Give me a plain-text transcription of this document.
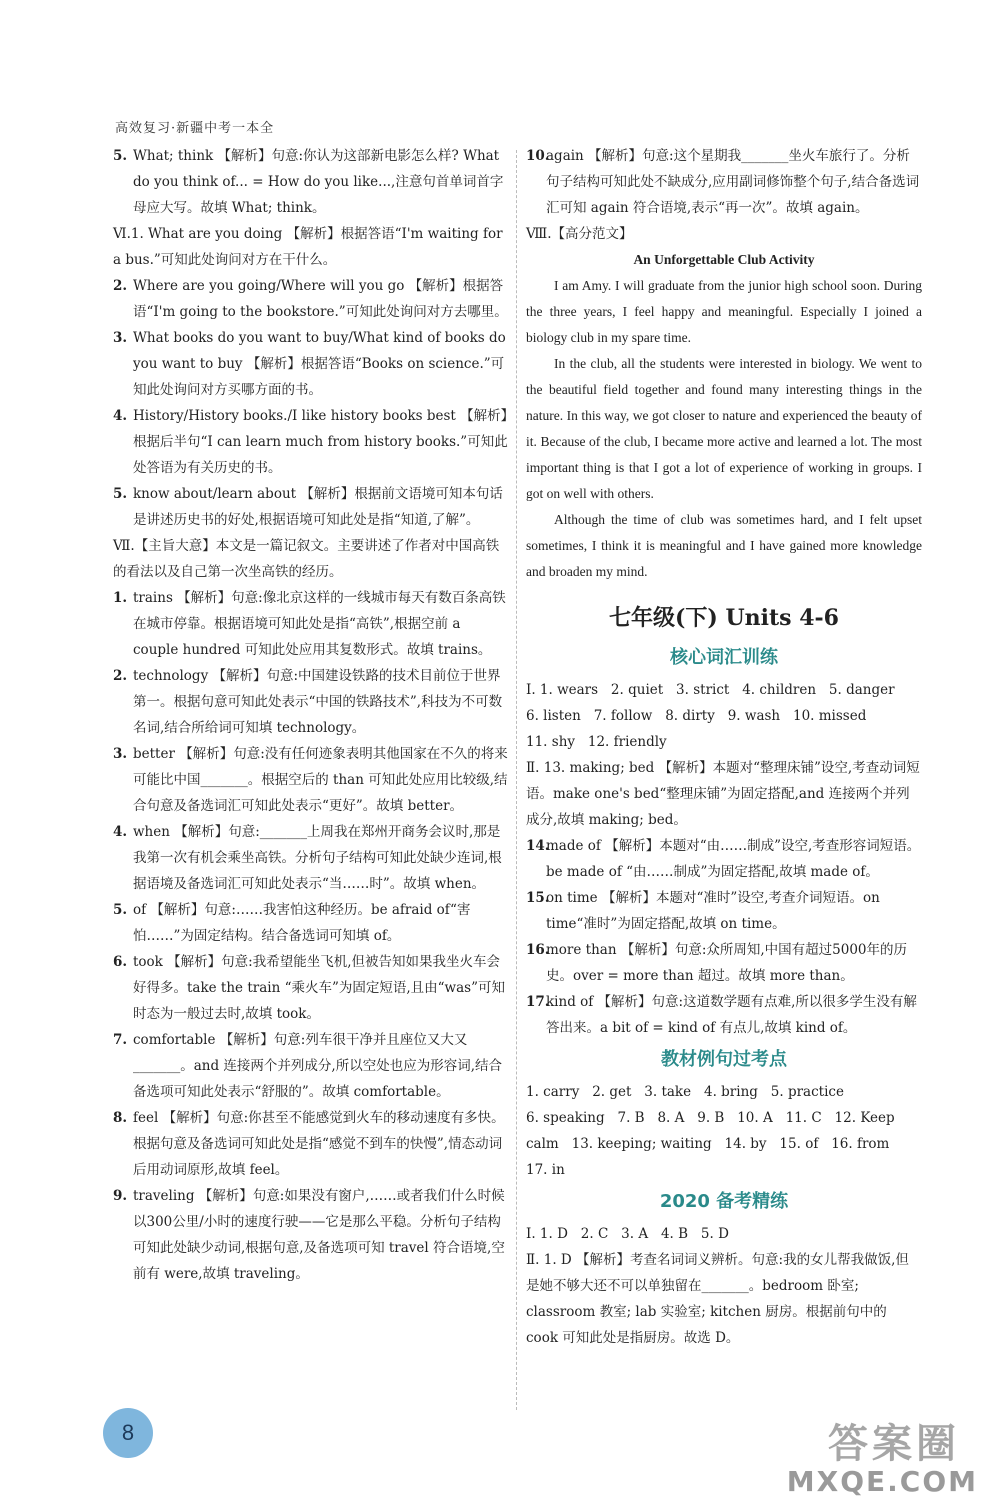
高效复习·新疆中考一本全

5. What; think 【解析】句意:你认为这部新电影怎么样? What do you think of... = How do you like...,注意句首单词首字母应大写。故填 What; think。

Ⅵ.1. What are you doing 【解析】根据答语“I'm waiting for a bus.”可知此处询问对方在干什么。

2. Where are you going/Where will you go 【解析】根据答语“I'm going to the bookstore.”可知此处询问对方去哪里。

3. What books do you want to buy/What kind of books do you want to buy 【解析】根据答语“Books on science.”可知此处询问对方买哪方面的书。

4. History/History books./I like history books best 【解析】根据后半句“I can learn much from history books.”可知此处答语为有关历史的书。

5. know about/learn about 【解析】根据前文语境可知本句话是讲述历史书的好处,根据语境可知此处是指“知道,了解”。

Ⅶ.【主旨大意】本文是一篇记叙文。主要讲述了作者对中国高铁的看法以及自己第一次坐高铁的经历。

1. trains 【解析】句意:像北京这样的一线城市每天有数百条高铁在城市停靠。根据语境可知此处是指“高铁”,根据空前 a couple hundred 可知此处应用其复数形式。故填 trains。

2. technology 【解析】句意:中国建设铁路的技术目前位于世界第一。根据句意可知此处表示“中国的铁路技术”,科技为不可数名词,结合所给词可知填 technology。

3. better 【解析】句意:没有任何迹象表明其他国家在不久的将来可能比中国_______。根据空后的 than 可知此处应用比较级,结合句意及备选词汇可知此处表示“更好”。故填 better。

4. when 【解析】句意:_______上周我在郑州开商务会议时,那是我第一次有机会乘坐高铁。分析句子结构可知此处缺少连词,根据语境及备选词汇可知此处表示“当……时”。故填 when。

5. of 【解析】句意:……我害怕这种经历。be afraid of“害怕……”为固定结构。结合备选词可知填 of。

6. took 【解析】句意:我希望能坐飞机,但被告知如果我坐火车会好得多。take the train “乘火车”为固定短语,且由“was”可知时态为一般过去时,故填 took。

7. comfortable 【解析】句意:列车很干净并且座位又大又_______。and 连接两个并列成分,所以空处也应为形容词,结合备选项可知此处表示“舒服的”。故填 comfortable。

8. feel 【解析】句意:你甚至不能感觉到火车的移动速度有多快。根据句意及备选词可知此处是指“感觉不到车的快慢”,情态动词后用动词原形,故填 feel。

9. traveling 【解析】句意:如果没有窗户,……或者我们什么时候以300公里/小时的速度行驶——它是那么平稳。分析句子结构可知此处缺少动词,根据句意,及备选项可知 travel 符合语境,空前有 were,故填 traveling。

10.
again 【解析】句意:这个星期我_______坐火车旅行了。分析句子结构可知此处不缺成分,应用副词修饰整个句子,结合备选词汇可知 again 符合语境,表示“再一次”。故填 again。

Ⅷ.【高分范文】

An Unforgettable Club Activity

I am Amy. I will graduate from the junior high school soon. During the three years, I feel happy and meaningful. Especially I joined a biology club in my spare time.

In the club, all the students were interested in biology. We went to the beautiful field together and found many interesting things in the nature. In this way, we got closer to nature and experienced the beauty of it. Because of the club, I became more active and learned a lot. The most important thing is that I got a lot of experience of working in groups. I got on well with others.

Although the time of club was sometimes hard, and I felt upset sometimes, I think it is meaningful and I have gained more knowledge and broaden my mind.

七年级(下) Units 4-6
核心词汇训练

Ⅰ. 1. wears   2. quiet   3. strict   4. children   5. danger

6. listen   7. follow   8. dirty   9. wash   10. missed

11. shy   12. friendly

Ⅱ. 13. making; bed 【解析】本题对“整理床铺”设空,考查动词短语。make one's bed“整理床铺”为固定搭配,and 连接两个并列成分,故填 making; bed。

14.
made of 【解析】本题对“由……制成”设空,考查形容词短语。be made of “由……制成”为固定搭配,故填 made of。

15.
on time 【解析】本题对“准时”设空,考查介词短语。on time“准时”为固定搭配,故填 on time。

16.
more than 【解析】句意:众所周知,中国有超过5000年的历史。over = more than 超过。故填 more than。

17.
kind of 【解析】句意:这道数学题有点难,所以很多学生没有解答出来。a bit of = kind of 有点儿,故填 kind of。

教材例句过考点

1. carry   2. get   3. take   4. bring   5. practice

6. speaking   7. B   8. A   9. B   10. A   11. C   12. Keep

calm   13. keeping; waiting   14. by   15. of   16. from   17. in

2020 备考精练

Ⅰ. 1. D   2. C   3. A   4. B   5. D

Ⅱ. 1. D 【解析】考查名词词义辨析。句意:我的女儿帮我做饭,但是她不够大还不可以单独留在_______。bedroom 卧室; classroom 教室; lab 实验室; kitchen 厨房。根据前句中的 cook 可知此处是指厨房。故选 D。

8	答案圈
MXQE.COM
